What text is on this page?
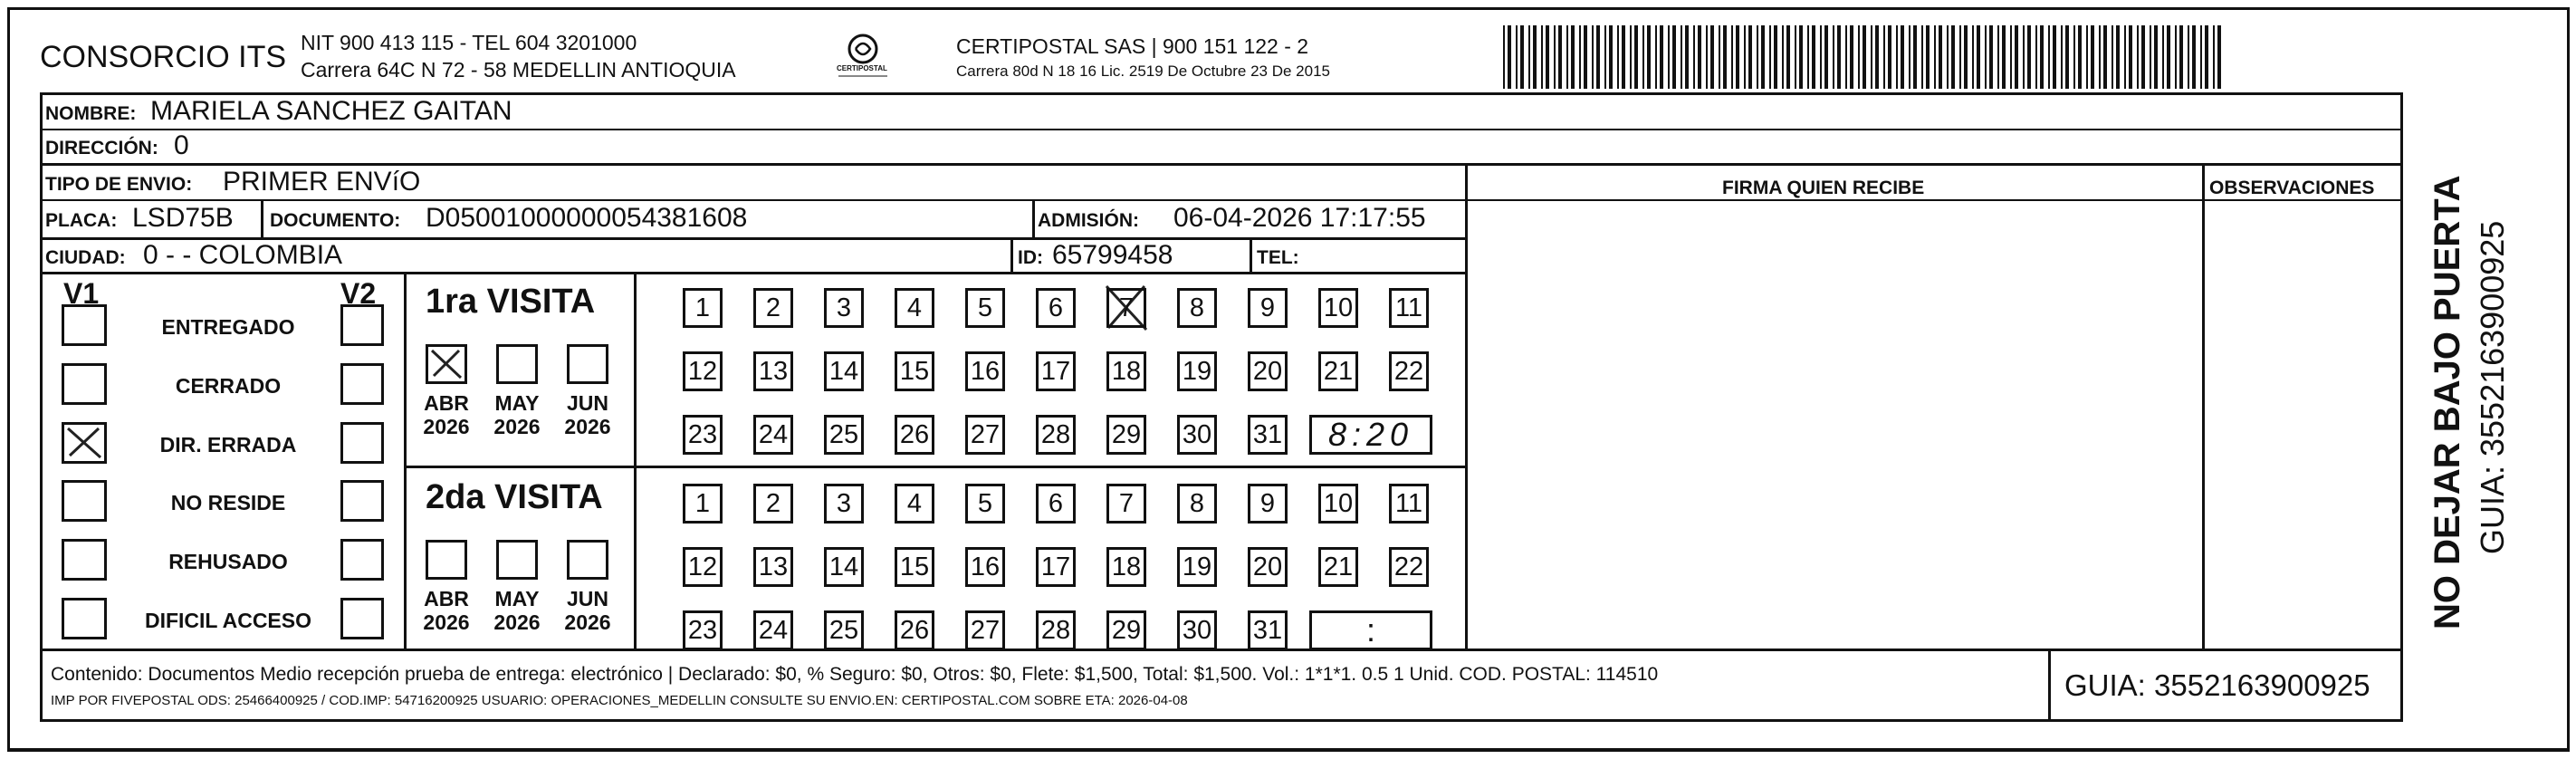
CONSORCIO ITS NIT 900 413 115 - TEL 604 3201000
Carrera 64C N 72 - 58 MEDELLIN ANTIOQUIA	CERTIPOSTAL
CERTIPOSTAL SAS | 900 151 122 - 2
Carrera 80d N 18 16 Lic. 2519 De Octubre 23 De 2015
NOMBRE: MARIELA SANCHEZ GAITAN
DIRECCIÓN: 0
TIPO DE ENVIO: PRIMER ENVíO
PLACA: LSD75B DOCUMENTO: D05001000000054381608	ADMISIÓN: 06-04-2026 17:17:55
CIUDAD: 0 - - COLOMBIA	ID: 65799458	TEL:
FIRMA QUIEN RECIBE	OBSERVACIONES
V1	V2
ENTREGADO
CERRADO
DIR. ERRADA
NO RESIDE
REHUSADO
DIFICIL ACCESO
1ra VISITA
ABR
2026
MAY
2026
JUN
2026
1	2	3	4	5	6	7	8	9	10 11
12 13 14 15 16 17 18 19 20 21 22
23 24 25 26 27 28 29 30 31	8:20
2da VISITA
ABR
2026
MAY
2026
JUN
2026
1	2	3	4	5	6	7	8	9	10 11
12 13 14 15 16 17 18 19 20 21 22
23 24 25 26 27 28 29 30 31	:
Contenido: Documentos Medio recepción prueba de entrega: electrónico | Declarado: $0, % Seguro: $0, Otros: $0, Flete: $1,500, Total: $1,500. Vol.: 1*1*1. 0.5 1 Unid. COD. POSTAL: 114510
IMP POR FIVEPOSTAL ODS: 25466400925 / COD.IMP: 54716200925 USUARIO: OPERACIONES_MEDELLIN CONSULTE SU ENVIO.EN: CERTIPOSTAL.COM SOBRE ETA: 2026-04-08	GUIA: 3552163900925
NO DEJAR BAJO PUERTA GUIA: 3552163900925
